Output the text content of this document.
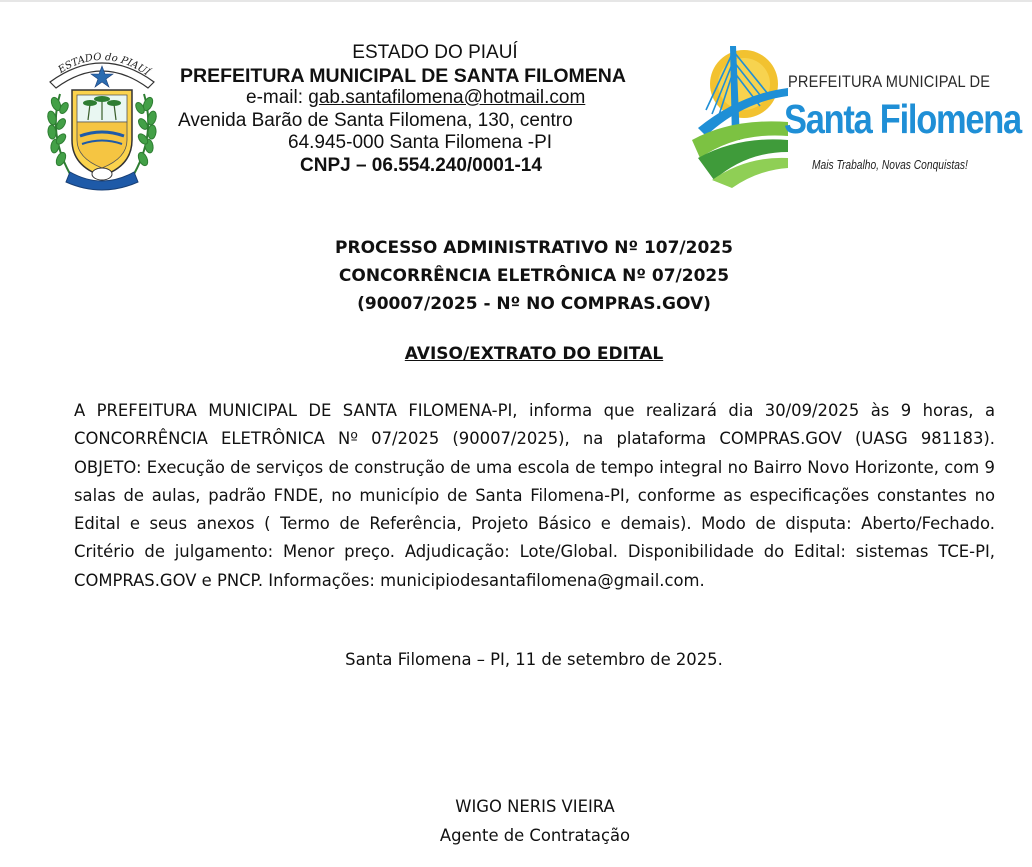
ESTADO do PIAUÍ
ESTADO DO PIAUÍ
PREFEITURA MUNICIPAL DE SANTA FILOMENA
e-mail: gab.santafilomena@hotmail.com
Avenida Barão de Santa Filomena, 130, centro
64.945-000 Santa Filomena -PI
CNPJ – 06.554.240/0001-14
PREFEITURA MUNICIPAL DE
Santa Filomena
Mais Trabalho, Novas Conquistas!
PROCESSO ADMINISTRATIVO Nº 107/2025
CONCORRÊNCIA ELETRÔNICA Nº 07/2025
(90007/2025 - Nº NO COMPRAS.GOV)
AVISO/EXTRATO DO EDITAL
A PREFEITURA MUNICIPAL DE SANTA FILOMENA-PI, informa que realizará dia 30/09/2025 às 9 horas, a CONCORRÊNCIA ELETRÔNICA Nº 07/2025 (90007/2025), na plataforma COMPRAS.GOV (UASG 981183). OBJETO: Execução de serviços de construção de uma escola de tempo integral no Bairro Novo Horizonte, com 9 salas de aulas, padrão FNDE, no município de Santa Filomena-PI, conforme as especificações constantes no Edital e seus anexos ( Termo de Referência, Projeto Básico e demais). Modo de disputa: Aberto/Fechado. Critério de julgamento: Menor preço. Adjudicação: Lote/Global. Disponibilidade do Edital: sistemas TCE-PI, COMPRAS.GOV e PNCP. Informações: municipiodesantafilomena@gmail.com.
Santa Filomena – PI, 11 de setembro de 2025.
WIGO NERIS VIEIRA
Agente de Contratação
